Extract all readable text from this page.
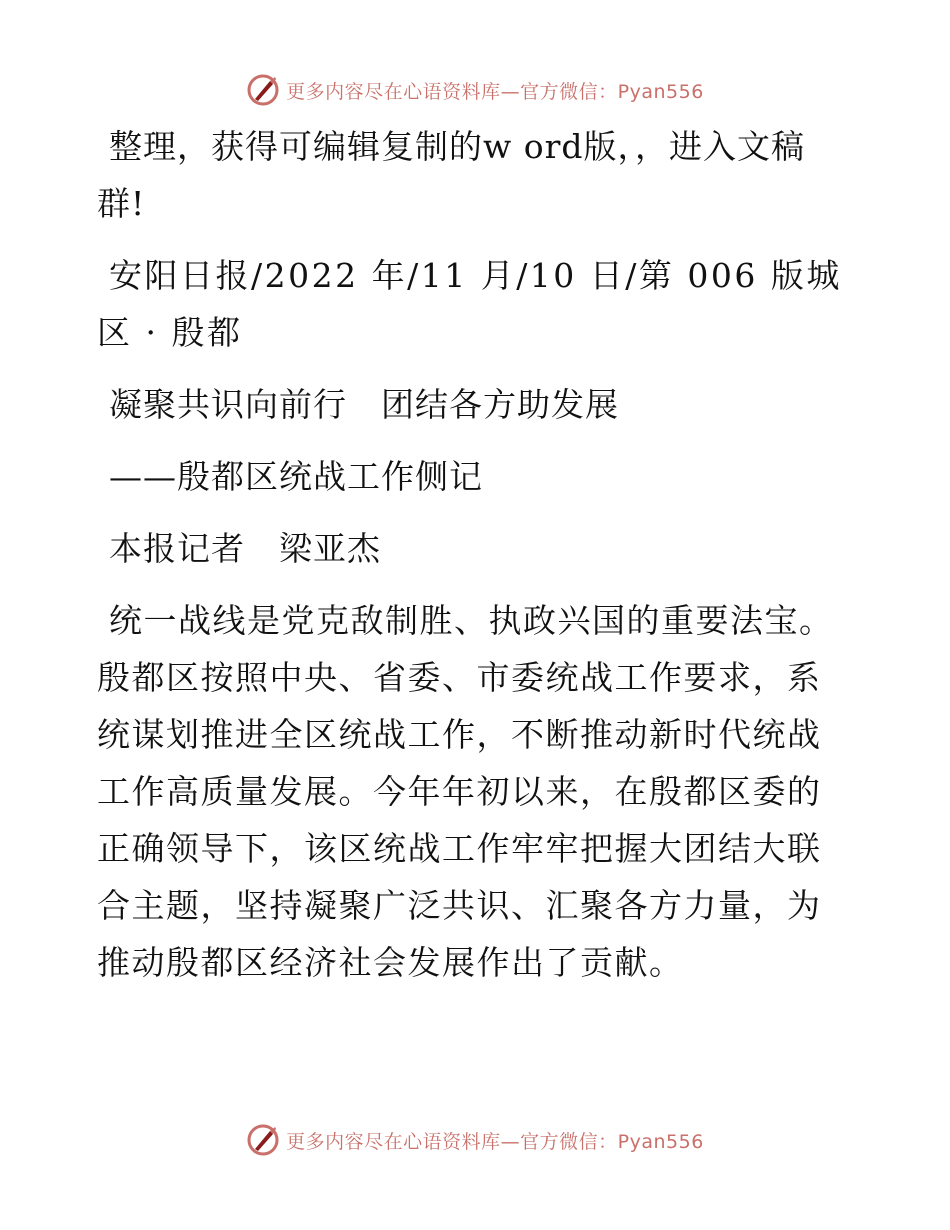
更多内容尽在心语资料库—官方微信：Pyan556

整理，获得可编辑复制的w ord版，，进入文稿群!

安阳日报/2022 年/11 月/10 日/第 006 版城区 · 殷都

凝聚共识向前行　团结各方助发展

——殷都区统战工作侧记

本报记者　梁亚杰

统一战线是党克敌制胜、执政兴国的重要法宝。殷都区按照中央、省委、市委统战工作要求，系统谋划推进全区统战工作，不断推动新时代统战工作高质量发展。今年年初以来，在殷都区委的正确领导下，该区统战工作牢牢把握大团结大联合主题，坚持凝聚广泛共识、汇聚各方力量，为推动殷都区经济社会发展作出了贡献。

更多内容尽在心语资料库—官方微信：Pyan556
